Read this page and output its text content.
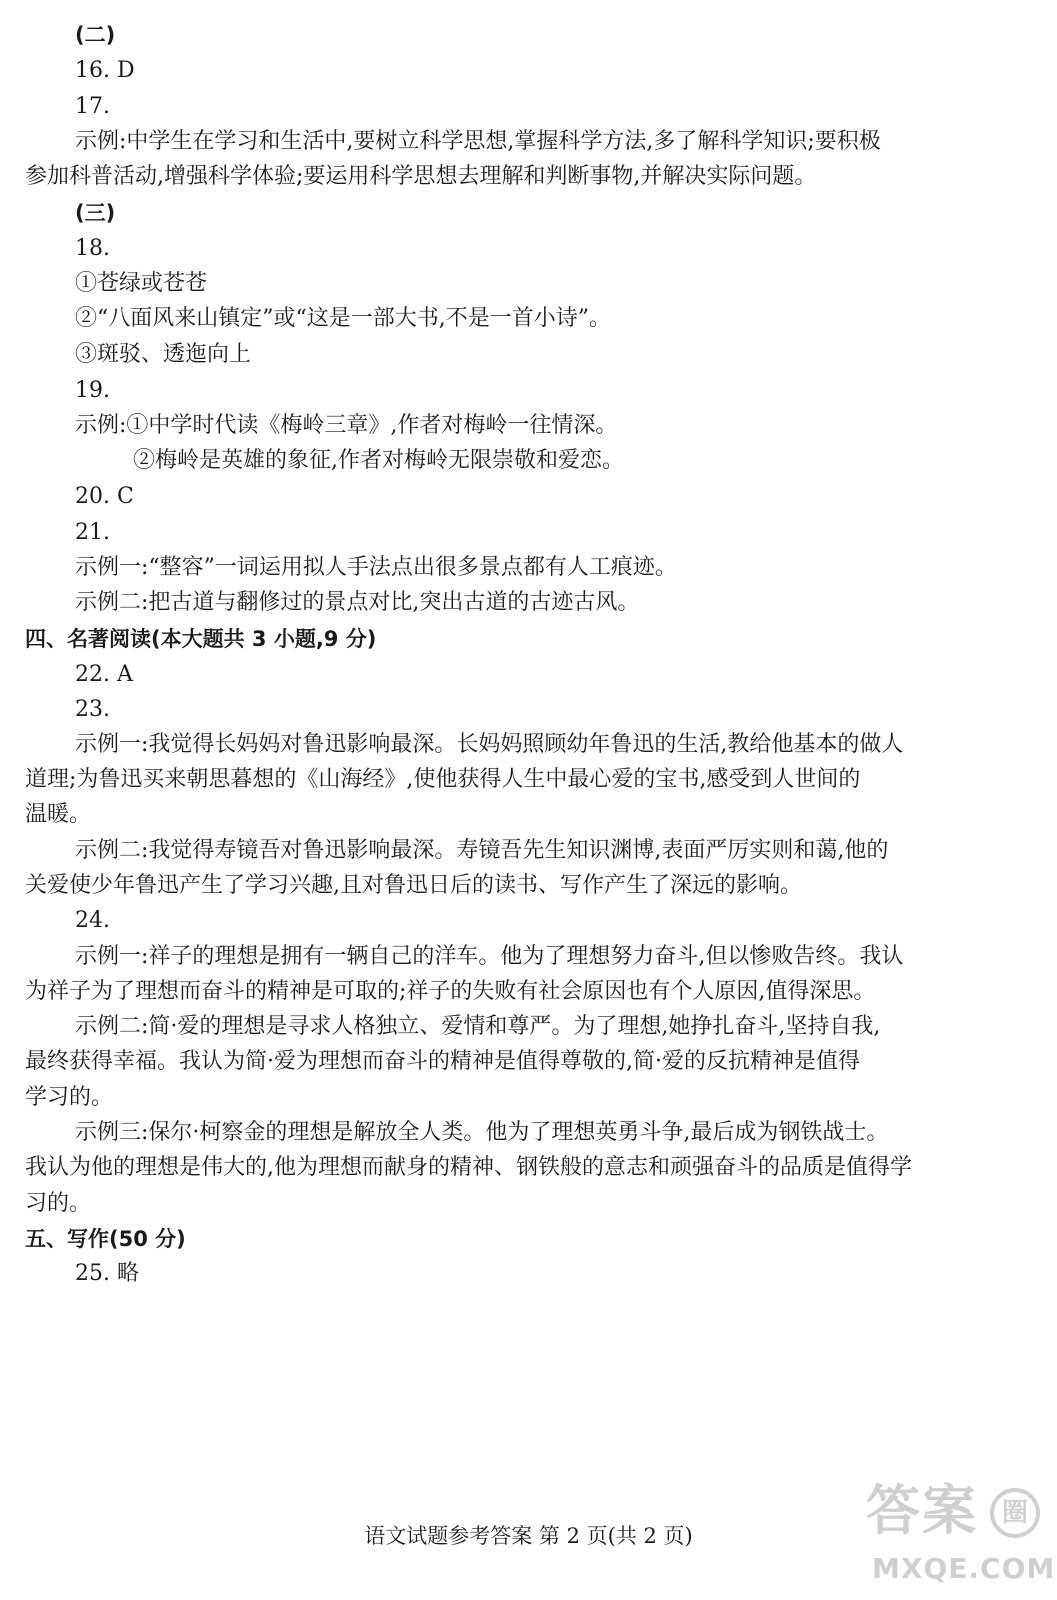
(二)
16. D
17.
示例:中学生在学习和生活中,要树立科学思想,掌握科学方法,多了解科学知识;要积极
参加科普活动,增强科学体验;要运用科学思想去理解和判断事物,并解决实际问题。
(三)
18.
①苍绿或苍苍
②“八面风来山镇定”或“这是一部大书,不是一首小诗”。
③斑驳、透迤向上
19.
示例:①中学时代读《梅岭三章》,作者对梅岭一往情深。
②梅岭是英雄的象征,作者对梅岭无限崇敬和爱恋。
20. C
21.
示例一:“整容”一词运用拟人手法点出很多景点都有人工痕迹。
示例二:把古道与翻修过的景点对比,突出古道的古迹古风。
四、名著阅读(本大题共 3 小题,9 分)
22. A
23.
示例一:我觉得长妈妈对鲁迅影响最深。长妈妈照顾幼年鲁迅的生活,教给他基本的做人
道理;为鲁迅买来朝思暮想的《山海经》,使他获得人生中最心爱的宝书,感受到人世间的
温暖。
示例二:我觉得寿镜吾对鲁迅影响最深。寿镜吾先生知识渊博,表面严厉实则和蔼,他的
关爱使少年鲁迅产生了学习兴趣,且对鲁迅日后的读书、写作产生了深远的影响。
24.
示例一:祥子的理想是拥有一辆自己的洋车。他为了理想努力奋斗,但以惨败告终。我认
为祥子为了理想而奋斗的精神是可取的;祥子的失败有社会原因也有个人原因,值得深思。
示例二:简·爱的理想是寻求人格独立、爱情和尊严。为了理想,她挣扎奋斗,坚持自我,
最终获得幸福。我认为简·爱为理想而奋斗的精神是值得尊敬的,简·爱的反抗精神是值得
学习的。
示例三:保尔·柯察金的理想是解放全人类。他为了理想英勇斗争,最后成为钢铁战士。
我认为他的理想是伟大的,他为理想而献身的精神、钢铁般的意志和顽强奋斗的品质是值得学
习的。
五、写作(50 分)
25. 略
语文试题参考答案 第 2 页(共 2 页)	答案 圈
MXQE.COM
